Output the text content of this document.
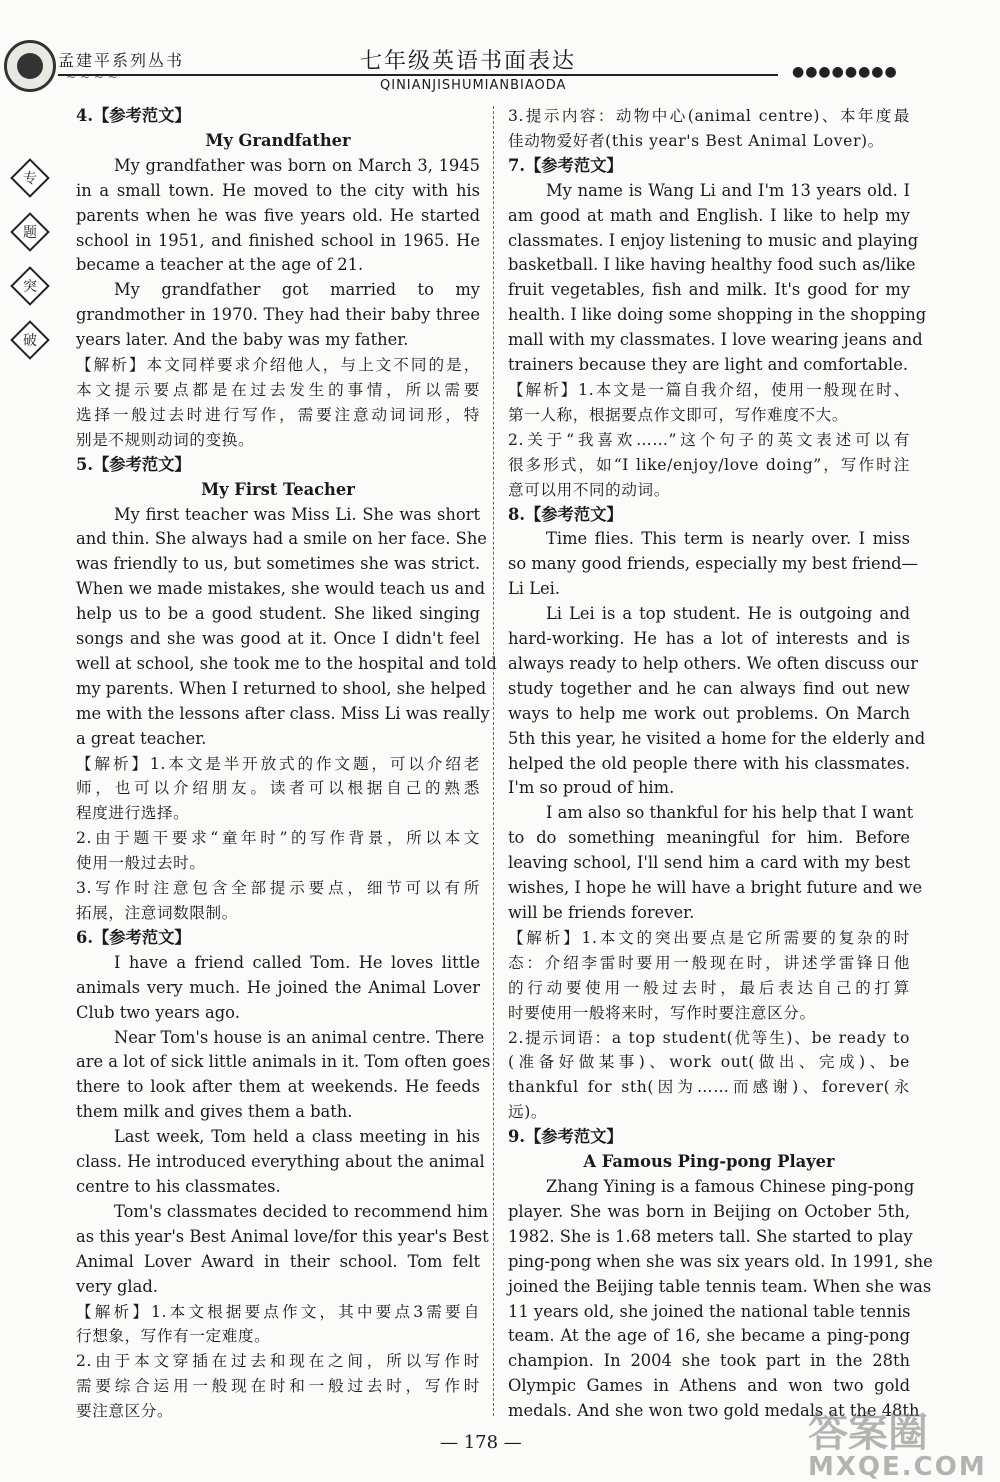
孟建平系列丛书
~ ~ ~ ~
七年级英语书面表达
QINIANJISHUMIANBIAODA
●●●●●●●●
专
题
突
破
4.【参考范文】
My Grandfather
My grandfather was born on March 3, 1945
in a small town. He moved to the city with his
parents when he was five years old. He started
school in 1951, and finished school in 1965. He
became a teacher at the age of 21.
My grandfather got married to my
grandmother in 1970. They had their baby three
years later. And the baby was my father.
【解析】本文同样要求介绍他人，与上文不同的是，
本文提示要点都是在过去发生的事情，所以需要
选择一般过去时进行写作，需要注意动词词形，特
别是不规则动词的变换。
5.【参考范文】
My First Teacher
My first teacher was Miss Li. She was short
and thin. She always had a smile on her face. She
was friendly to us, but sometimes she was strict.
When we made mistakes, she would teach us and
help us to be a good student. She liked singing
songs and she was good at it. Once I didn't feel
well at school, she took me to the hospital and told
my parents. When I returned to shool, she helped
me with the lessons after class. Miss Li was really
a great teacher.
【解析】1.本文是半开放式的作文题，可以介绍老
师，也可以介绍朋友。读者可以根据自己的熟悉
程度进行选择。
2.由于题干要求“童年时”的写作背景，所以本文
使用一般过去时。
3.写作时注意包含全部提示要点，细节可以有所
拓展，注意词数限制。
6.【参考范文】
I have a friend called Tom. He loves little
animals very much. He joined the Animal Lover
Club two years ago.
Near Tom's house is an animal centre. There
are a lot of sick little animals in it. Tom often goes
there to look after them at weekends. He feeds
them milk and gives them a bath.
Last week, Tom held a class meeting in his
class. He introduced everything about the animal
centre to his classmates.
Tom's classmates decided to recommend him
as this year's Best Animal love/for this year's Best
Animal Lover Award in their school. Tom felt
very glad.
【解析】1.本文根据要点作文，其中要点3需要自
行想象，写作有一定难度。
2.由于本文穿插在过去和现在之间，所以写作时
需要综合运用一般现在时和一般过去时，写作时
要注意区分。
3.提示内容：动物中心(animal centre)、本年度最
佳动物爱好者(this year's Best Animal Lover)。
7.【参考范文】
My name is Wang Li and I'm 13 years old. I
am good at math and English. I like to help my
classmates. I enjoy listening to music and playing
basketball. I like having healthy food such as/like
fruit vegetables, fish and milk. It's good for my
health. I like doing some shopping in the shopping
mall with my classmates. I love wearing jeans and
trainers because they are light and comfortable.
【解析】1.本文是一篇自我介绍，使用一般现在时、
第一人称，根据要点作文即可，写作难度不大。
2.关于“我喜欢……”这个句子的英文表述可以有
很多形式，如“I like/enjoy/love doing”，写作时注
意可以用不同的动词。
8.【参考范文】
Time flies. This term is nearly over. I miss
so many good friends, especially my best friend—
Li Lei.
Li Lei is a top student. He is outgoing and
hard-working. He has a lot of interests and is
always ready to help others. We often discuss our
study together and he can always find out new
ways to help me work out problems. On March
5th this year, he visited a home for the elderly and
helped the old people there with his classmates.
I'm so proud of him.
I am also so thankful for his help that I want
to do something meaningful for him. Before
leaving school, I'll send him a card with my best
wishes, I hope he will have a bright future and we
will be friends forever.
【解析】1.本文的突出要点是它所需要的复杂的时
态：介绍李雷时要用一般现在时，讲述学雷锋日他
的行动要使用一般过去时，最后表达自己的打算
时要使用一般将来时，写作时要注意区分。
2.提示词语：a top student(优等生)、be ready to
(准备好做某事)、work out(做出、完成)、be
thankful for sth(因为……而感谢)、forever(永
远)。
9.【参考范文】
A Famous Ping-pong Player
Zhang Yining is a famous Chinese ping-pong
player. She was born in Beijing on October 5th,
1982. She is 1.68 meters tall. She started to play
ping-pong when she was six years old. In 1991, she
joined the Beijing table tennis team. When she was
11 years old, she joined the national table tennis
team. At the age of 16, she became a ping-pong
champion. In 2004 she took part in the 28th
Olympic Games in Athens and won two gold
medals. And she won two gold medals at the 48th
— 178 —	答案圈
MXQE.COM
